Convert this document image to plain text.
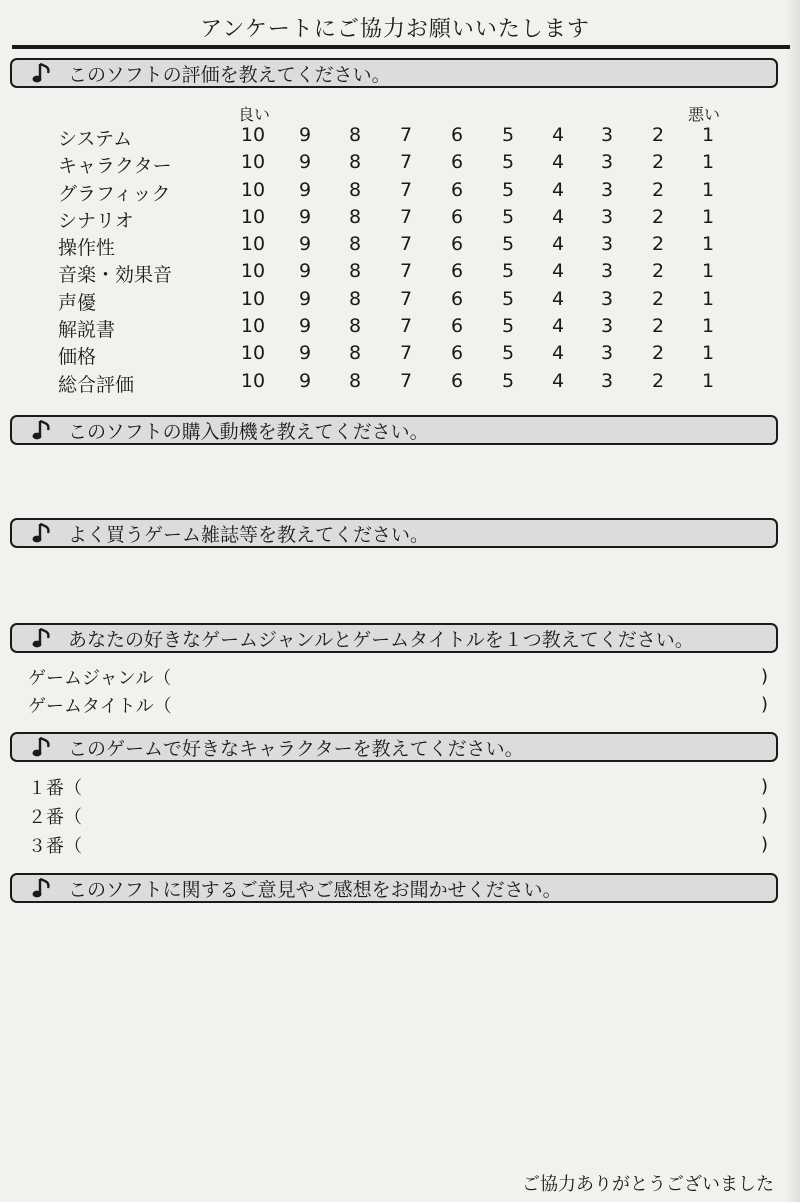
アンケートにご協力お願いいたします
このソフトの評価を教えてください。
良い	悪い
システム	10	9	8	7	6	5	4	3	2	1
キャラクター	10	9	8	7	6	5	4	3	2	1
グラフィック	10	9	8	7	6	5	4	3	2	1
シナリオ	10	9	8	7	6	5	4	3	2	1
操作性	10	9	8	7	6	5	4	3	2	1
音楽・効果音	10	9	8	7	6	5	4	3	2	1
声優	10	9	8	7	6	5	4	3	2	1
解説書	10	9	8	7	6	5	4	3	2	1
価格	10	9	8	7	6	5	4	3	2	1
総合評価	10	9	8	7	6	5	4	3	2	1
このソフトの購入動機を教えてください。
よく買うゲーム雑誌等を教えてください。
あなたの好きなゲームジャンルとゲームタイトルを１つ教えてください。
ゲームジャンル（	)
ゲームタイトル（	)
このゲームで好きなキャラクターを教えてください。
１番（	)
２番（	)
３番（	)
このソフトに関するご意見やご感想をお聞かせください。
ご協力ありがとうございました
